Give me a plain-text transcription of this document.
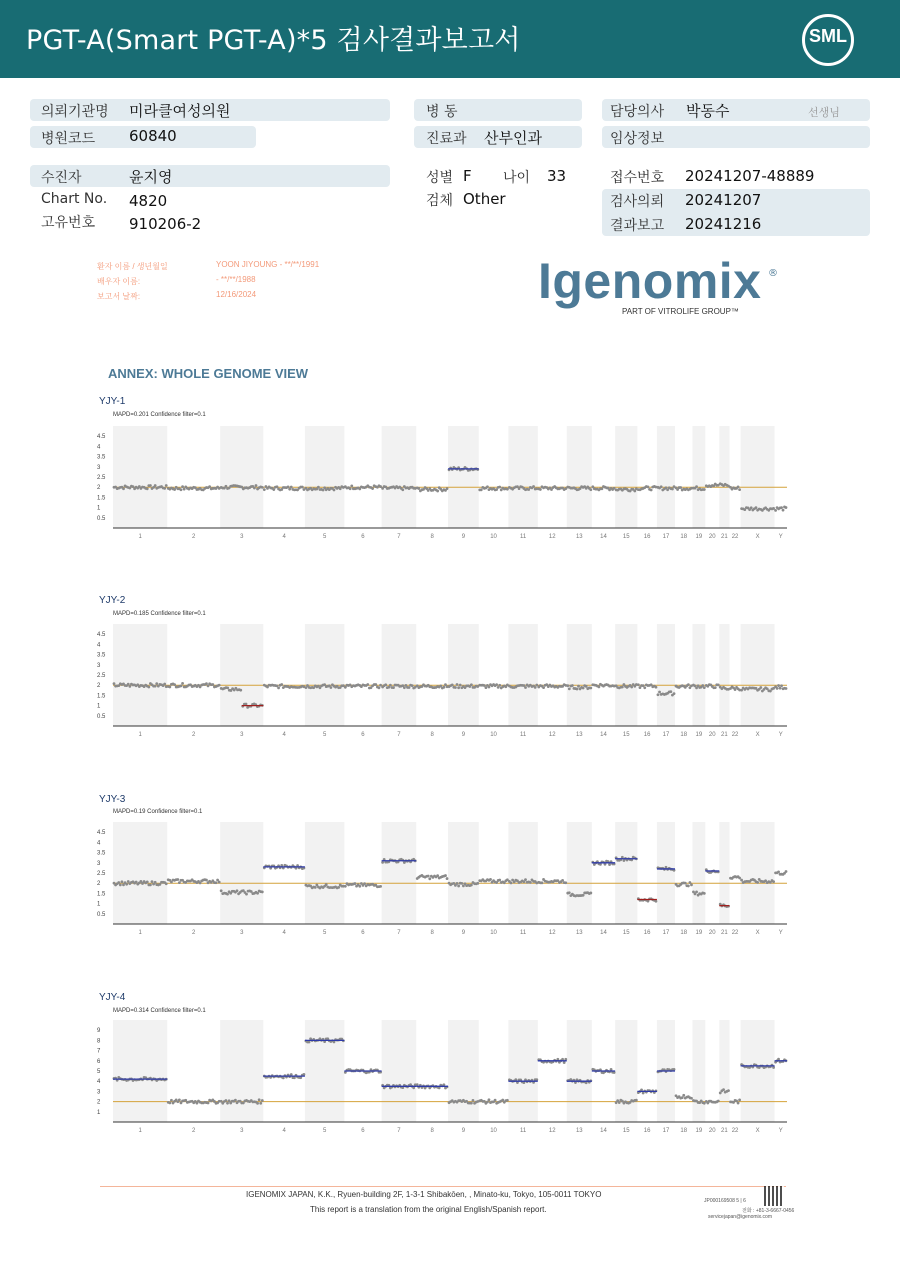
PGT-A(Smart PGT-A)*5 검사결과보고서	SML
의뢰기관명 미라클여성의원
병원코드 60840
병 동
진료과 산부인과
담당의사 박동수	선생님
임상정보
수진자	윤지영
Chart No. 4820
고유번호 910206-2
성별 F 나이 33
검체 Other
접수번호 20241207-48889
검사의뢰 20241207
결과보고 20241216
환자 이름 / 생년월일	YOON JIYOUNG - **/**/1991
배우자 이름:	- **/**/1988
보고서 날짜:	12/16/2024	Igenomix ®
PART OF VITROLIFE GROUP™
ANNEX: WHOLE GENOME VIEW
YJY-1
MAPD=0.201 Confidence filter=0.1
YJY-2
MAPD=0.185 Confidence filter=0.1
YJY-3
MAPD=0.19 Confidence filter=0.1
YJY-4
MAPD=0.314 Confidence filter=0.1
0.5
1
1.5
2
2.5
3
3.5
4
4.5
1	2	3	4	5	6	7	8	9	10	11	12	13	14	15 16 17 18 19 20 21 22	X	Y
0.5
1
1.5
2
2.5
3
3.5
4
4.5
1	2	3	4	5	6	7	8	9	10	11	12	13	14	15 16 17 18 19 20 21 22	X	Y
0.5
1
1.5
2
2.5
3
3.5
4
4.5
1	2	3	4	5	6	7	8	9	10	11	12	13	14	15 16 17 18 19 20 21 22	X	Y
1
2
3
4
5
6
7
8
9
1	2	3	4	5	6	7	8	9	10	11	12	13	14	15 16 17 18 19 20 21 22	X	Y
IGENOMIX JAPAN, K.K., Ryuen-building 2F, 1-3-1 Shibakōen, , Minato-ku, Tokyo, 105-0011 TOKYO
This report is a translation from the original English/Spanish report.
JP000169508 5 | 6
전화 : +81-3-6667-0456
servicejapan@igenomix.com
